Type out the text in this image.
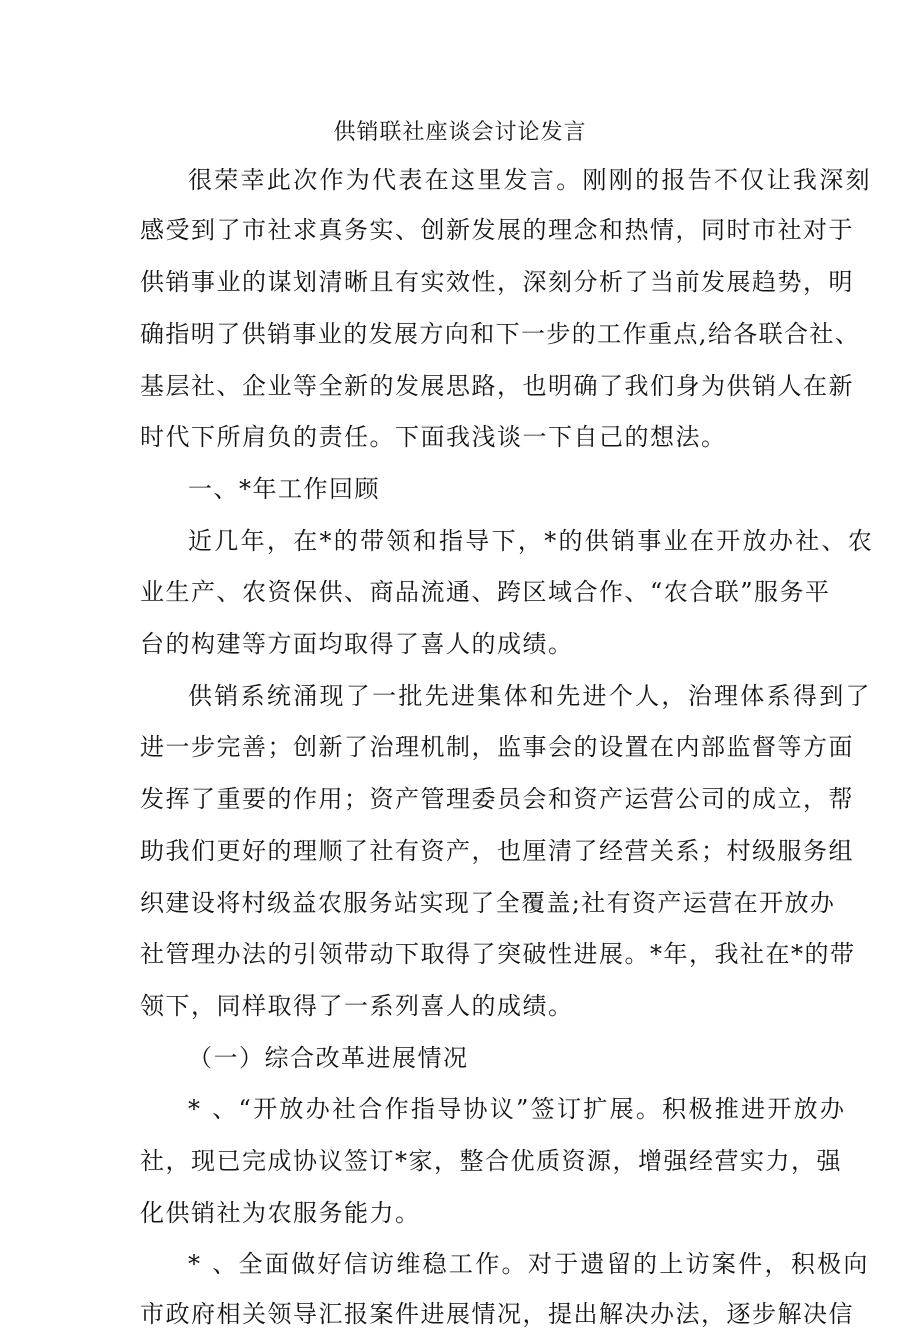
供销联社座谈会讨论发言
很荣幸此次作为代表在这里发言。刚刚的报告不仅让我深刻
感受到了市社求真务实、创新发展的理念和热情，同时市社对于
供销事业的谋划清晰且有实效性，深刻分析了当前发展趋势，明
确指明了供销事业的发展方向和下一步的工作重点,给各联合社、
基层社、企业等全新的发展思路，也明确了我们身为供销人在新
时代下所肩负的责任。下面我浅谈一下自己的想法。
一、*年工作回顾
近几年，在*的带领和指导下，*的供销事业在开放办社、农
业生产、农资保供、商品流通、跨区域合作、“农合联”服务平
台的构建等方面均取得了喜人的成绩。
供销系统涌现了一批先进集体和先进个人，治理体系得到了
进一步完善；创新了治理机制，监事会的设置在内部监督等方面
发挥了重要的作用；资产管理委员会和资产运营公司的成立，帮
助我们更好的理顺了社有资产，也厘清了经营关系；村级服务组
织建设将村级益农服务站实现了全覆盖;社有资产运营在开放办
社管理办法的引领带动下取得了突破性进展。*年，我社在*的带
领下，同样取得了一系列喜人的成绩。
（一）综合改革进展情况
* 、“开放办社合作指导协议”签订扩展。积极推进开放办
社，现已完成协议签订*家，整合优质资源，增强经营实力，强
化供销社为农服务能力。
* 、全面做好信访维稳工作。对于遗留的上访案件，积极向
市政府相关领导汇报案件进展情况，提出解决办法，逐步解决信
